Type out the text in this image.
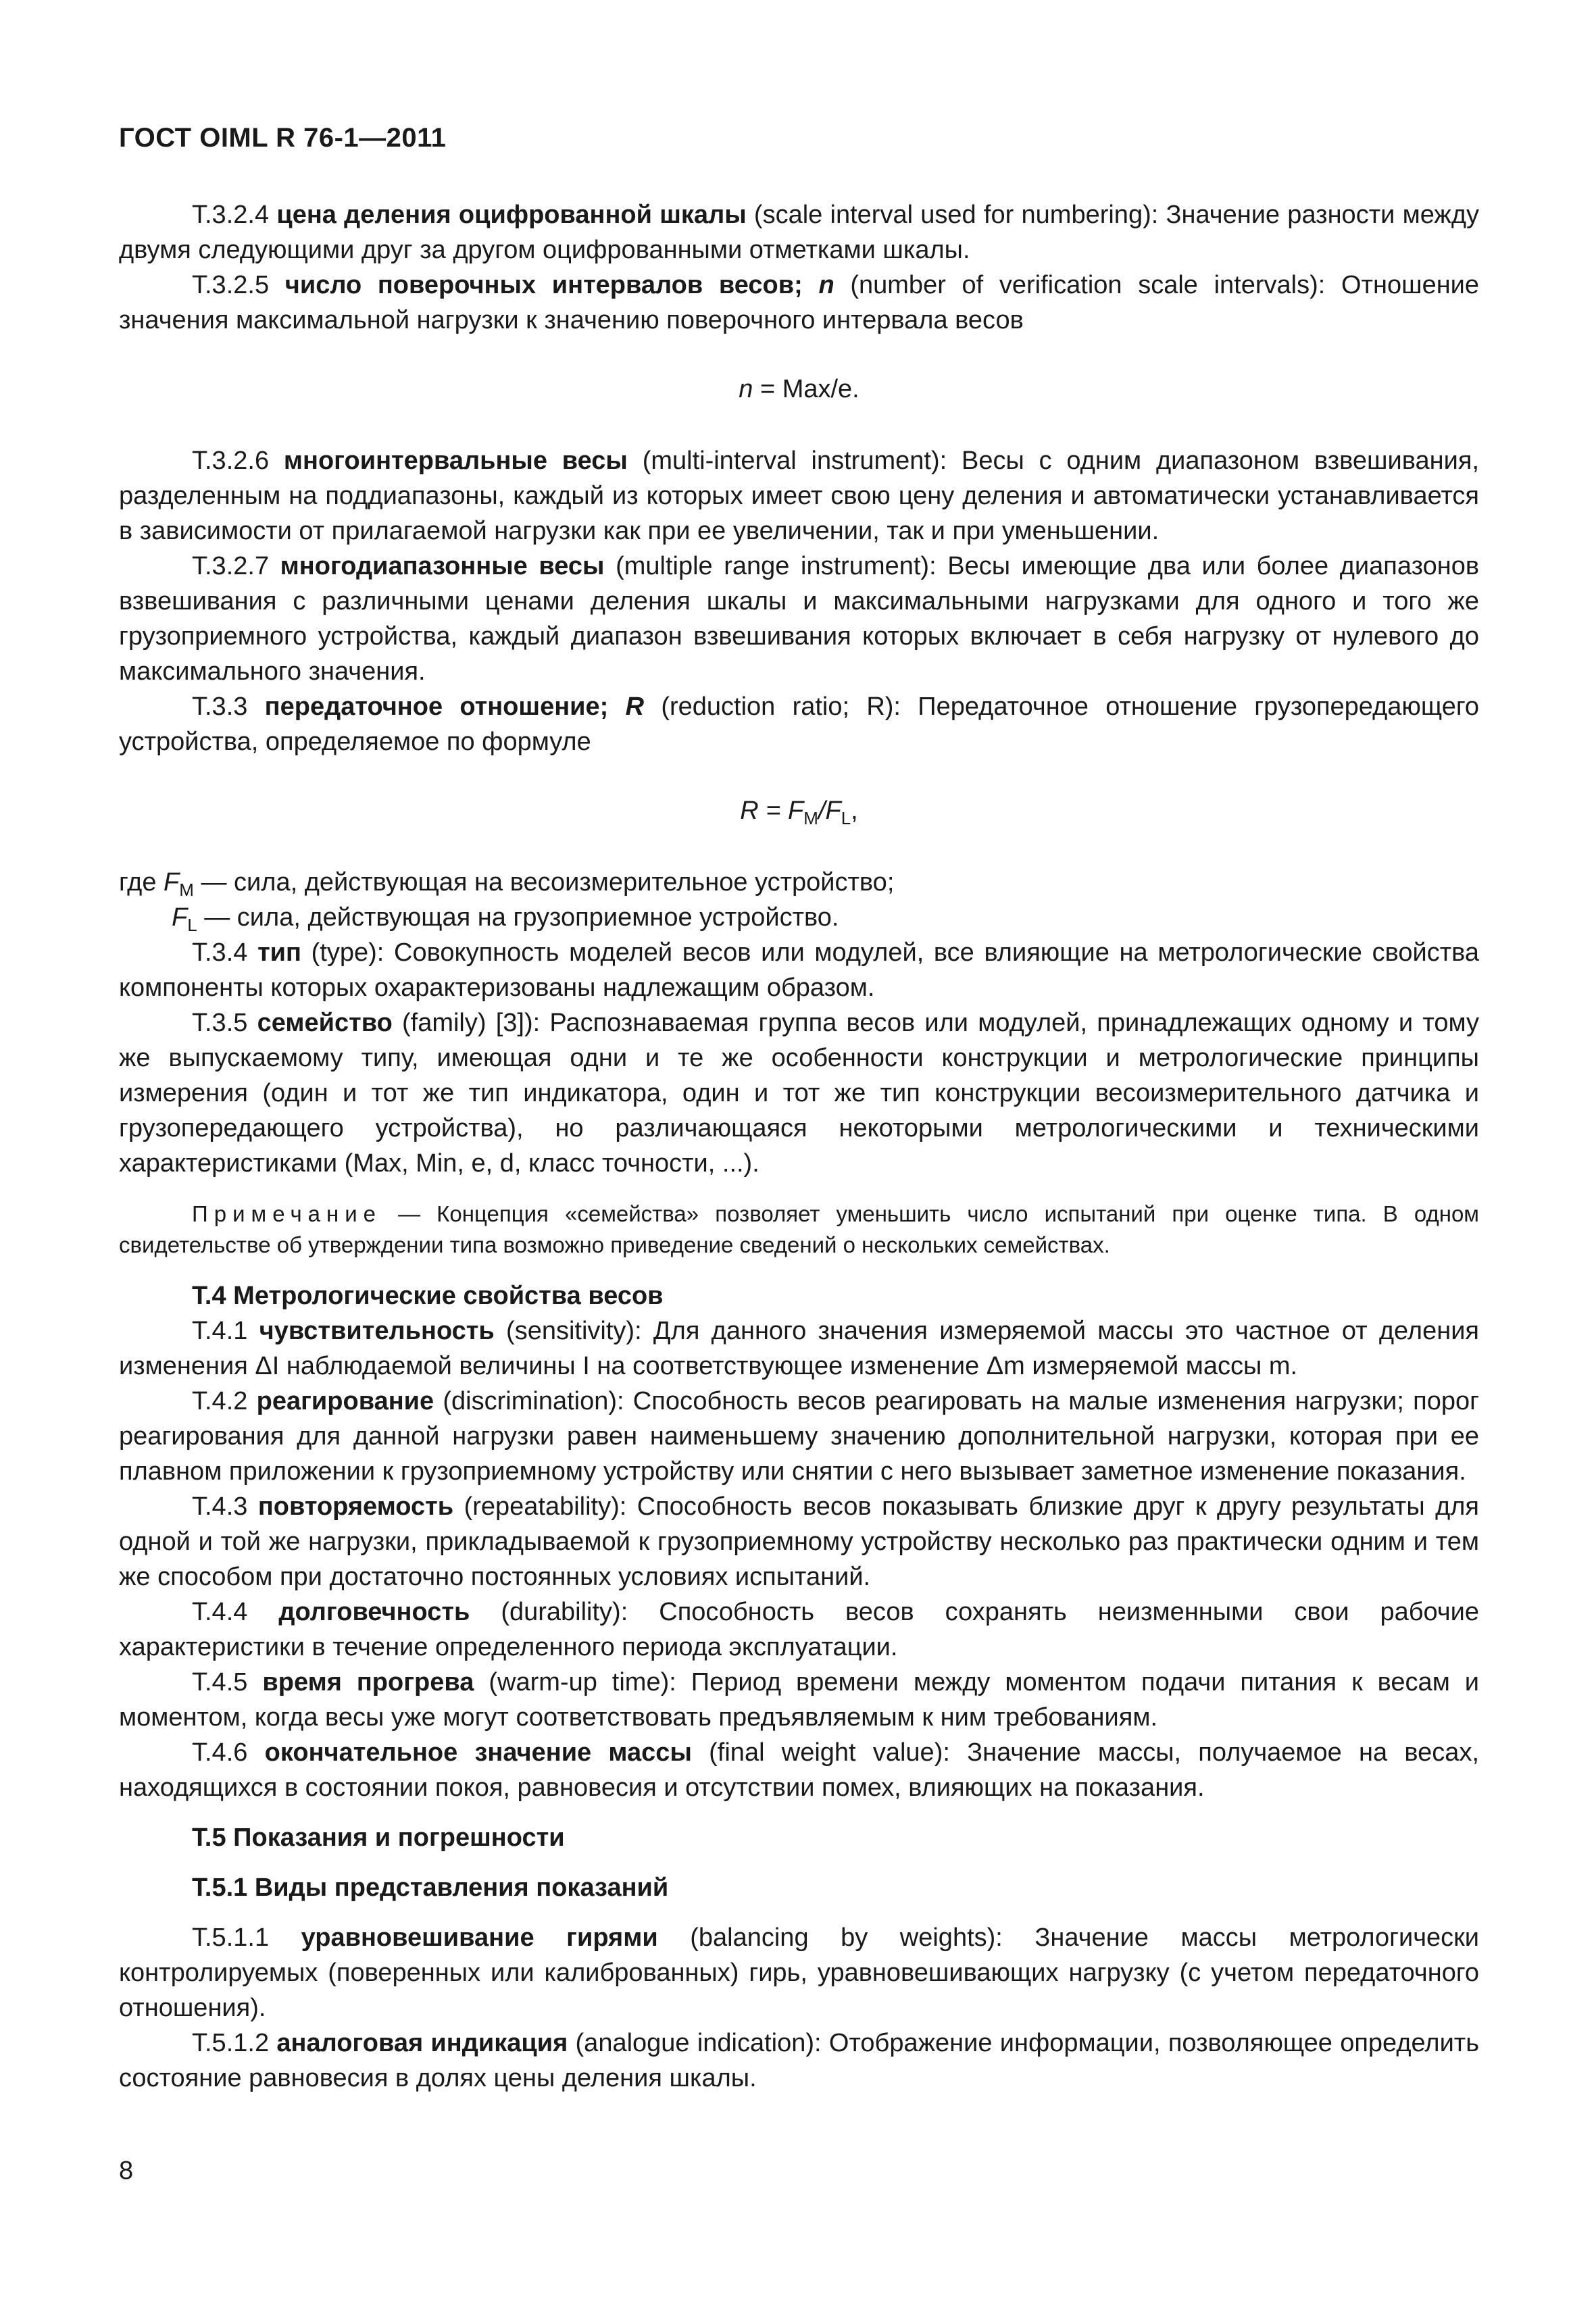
ГОСТ OIML R 76-1—2011

Т.3.2.4 цена деления оцифрованной шкалы (scale interval used for numbering): Значение разности между двумя следующими друг за другом оцифрованными отметками шкалы.

Т.3.2.5 число поверочных интервалов весов; n (number of verification scale intervals): Отношение значения максимальной нагрузки к значению поверочного интервала весов

n = Max/e.

Т.3.2.6 многоинтервальные весы (multi-interval instrument): Весы с одним диапазоном взвешивания, разделенным на поддиапазоны, каждый из которых имеет свою цену деления и автоматически устанавливается в зависимости от прилагаемой нагрузки как при ее увеличении, так и при уменьшении.

Т.3.2.7 многодиапазонные весы (multiple range instrument): Весы имеющие два или более диапазонов взвешивания с различными ценами деления шкалы и максимальными нагрузками для одного и того же грузоприемного устройства, каждый диапазон взвешивания которых включает в себя нагрузку от нулевого до максимального значения.

Т.3.3 передаточное отношение; R (reduction ratio; R): Передаточное отношение грузопередающего устройства, определяемое по формуле

$R = F_M/F_L$,

где $F_M$ — сила, действующая на весоизмерительное устройство;

$F_L$ — сила, действующая на грузоприемное устройство.

Т.3.4 тип (type): Совокупность моделей весов или модулей, все влияющие на метрологические свойства компоненты которых охарактеризованы надлежащим образом.

Т.3.5 семейство (family) [3]): Распознаваемая группа весов или модулей, принадлежащих одному и тому же выпускаемому типу, имеющая одни и те же особенности конструкции и метрологические принципы измерения (один и тот же тип индикатора, один и тот же тип конструкции весоизмерительного датчика и грузопередающего устройства), но различающаяся некоторыми метрологическими и техническими характеристиками (Max, Min, e, d, класс точности, ...).

Примечание — Концепция «семейства» позволяет уменьшить число испытаний при оценке типа. В одном свидетельстве об утверждении типа возможно приведение сведений о нескольких семействах.

Т.4 Метрологические свойства весов

Т.4.1 чувствительность (sensitivity): Для данного значения измеряемой массы это частное от деления изменения ΔI наблюдаемой величины I на соответствующее изменение Δm измеряемой массы m.

Т.4.2 реагирование (discrimination): Способность весов реагировать на малые изменения нагрузки; порог реагирования для данной нагрузки равен наименьшему значению дополнительной нагрузки, которая при ее плавном приложении к грузоприемному устройству или снятии с него вызывает заметное изменение показания.

Т.4.3 повторяемость (repeatability): Способность весов показывать близкие друг к другу результаты для одной и той же нагрузки, прикладываемой к грузоприемному устройству несколько раз практически одним и тем же способом при достаточно постоянных условиях испытаний.

Т.4.4 долговечность (durability): Способность весов сохранять неизменными свои рабочие характеристики в течение определенного периода эксплуатации.

Т.4.5 время прогрева (warm-up time): Период времени между моментом подачи питания к весам и моментом, когда весы уже могут соответствовать предъявляемым к ним требованиям.

Т.4.6 окончательное значение массы (final weight value): Значение массы, получаемое на весах, находящихся в состоянии покоя, равновесия и отсутствии помех, влияющих на показания.

Т.5 Показания и погрешности

Т.5.1 Виды представления показаний

Т.5.1.1 уравновешивание гирями (balancing by weights): Значение массы метрологически контролируемых (поверенных или калиброванных) гирь, уравновешивающих нагрузку (с учетом передаточного отношения).

Т.5.1.2 аналоговая индикация (analogue indication): Отображение информации, позволяющее определить состояние равновесия в долях цены деления шкалы.

8
